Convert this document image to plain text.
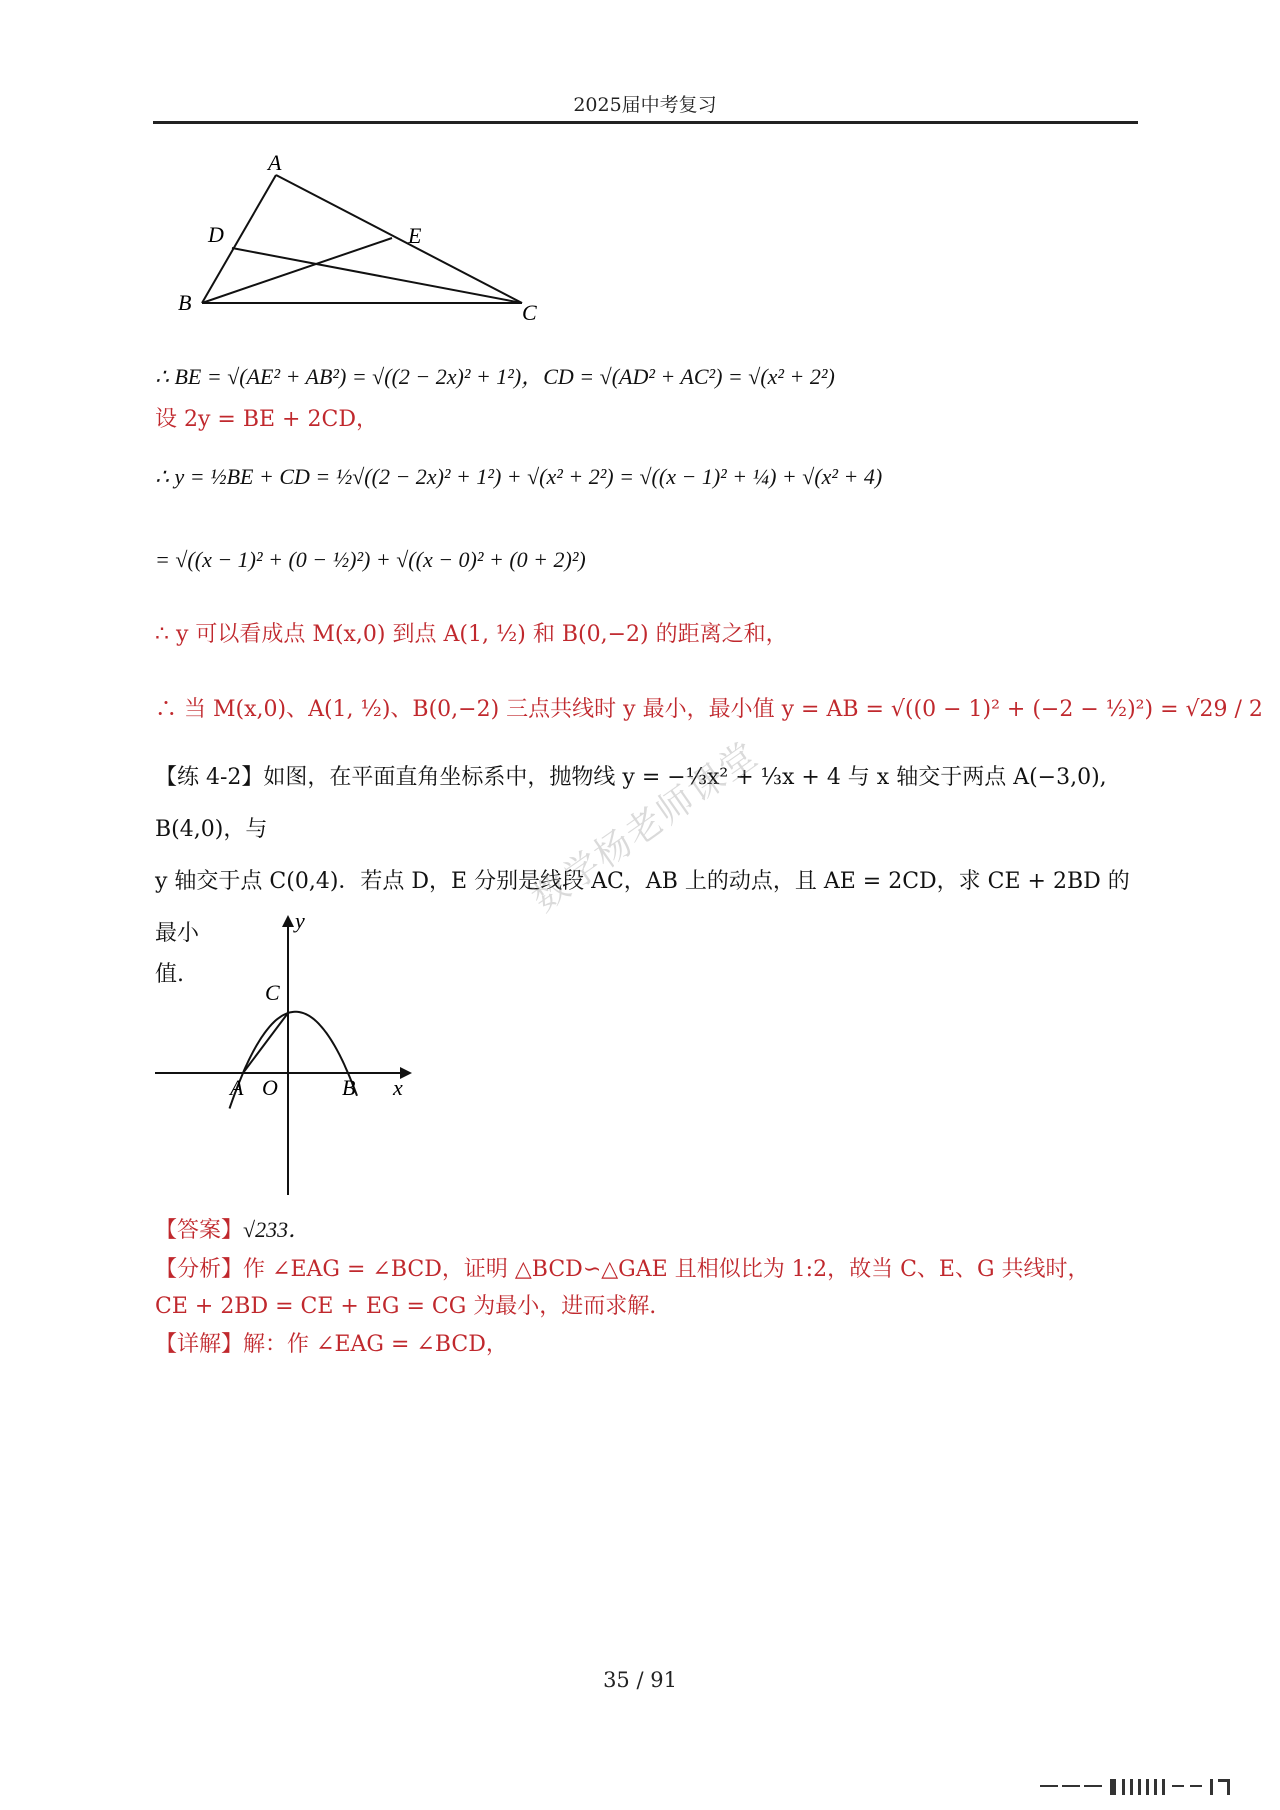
2025届中考复习
A
D	E
B	C
∴ BE = √(AE² + AB²) = √((2 − 2x)² + 1²)，CD = √(AD² + AC²) = √(x² + 2²)
设 2y = BE + 2CD，
∴ y = ½BE + CD = ½√((2 − 2x)² + 1²) + √(x² + 2²) = √((x − 1)² + ¼) + √(x² + 4)
= √((x − 1)² + (0 − ½)²) + √((x − 0)² + (0 + 2)²)
∴ y 可以看成点 M(x,0) 到点 A(1, ½) 和 B(0,−2) 的距离之和，
∴ 当 M(x,0)、A(1, ½)、B(0,−2) 三点共线时 y 最小，最小值 y = AB = √((0 − 1)² + (−2 − ½)²) = √29 / 2
【练 4-2】如图，在平面直角坐标系中，抛物线 y = −⅓x² + ⅓x + 4 与 x 轴交于两点 A(−3,0), B(4,0)，与
y 轴交于点 C(0,4)．若点 D，E 分别是线段 AC，AB 上的动点，且 AE = 2CD，求 CE + 2BD 的最小
值.
数学杨老师课堂
y
x
C
A O	B
【答案】√233．
【分析】作 ∠EAG = ∠BCD，证明 △BCD∽△GAE 且相似比为 1:2，故当 C、E、G 共线时，
CE + 2BD = CE + EG = CG 为最小，进而求解.
【详解】解：作 ∠EAG = ∠BCD，
35 / 91
